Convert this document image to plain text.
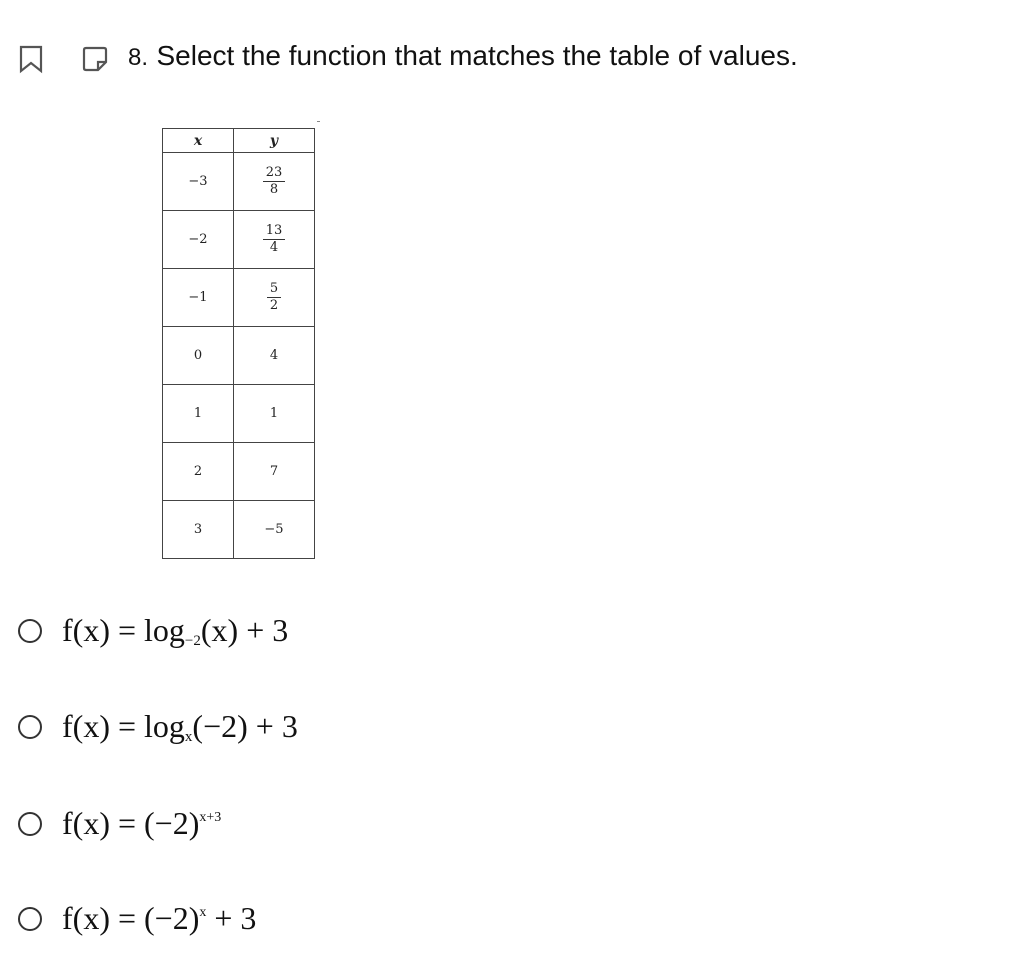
8. Select the function that matches the table of values.
x	y
−3	$\frac{23}{8}$

−2	$\frac{13}{4}$

−1	$\frac{5}{2}$

0	4
1	1
2	7
3	−5
$f(x) = \log_{-2}(x) + 3$
$f(x) = \log_x(-2) + 3$
$f(x) = (-2)^{x+3}$
$f(x) = (-2)^x + 3$
